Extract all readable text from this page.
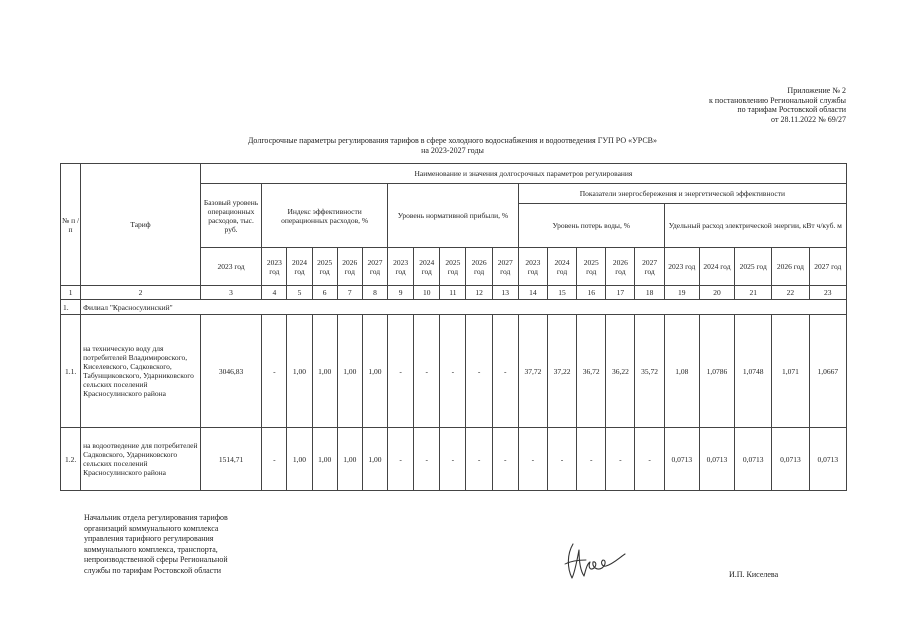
Приложение № 2
к постановлению Региональной службы
по тарифам Ростовской области
от 28.11.2022 № 69/27
Долгосрочные параметры регулирования тарифов в сфере холодного водоснабжения и водоотведения ГУП РО «УРСВ»
на 2023-2027 годы
№ п /п	Тариф	Наименование и значения долгосрочных параметров регулирования																				
		Базовый уровень операционных расходов, тыс. руб.	Индекс эффективности операционных расходов, %					Уровень нормативной прибыли, %					Показатели энергосбережения и энергетической эффективности									
													Уровень потерь воды, %					Удельный расход электрической энергии, кВт ч/куб. м				
		2023 год	2023 год	2024 год	2025 год	2026 год	2027 год	2023 год	2024 год	2025 год	2026 год	2027 год	2023 год	2024 год	2025 год	2026 год	2027 год	2023 год	2024 год	2025 год	2026 год	2027 год
1	2	3	4	5	6	7	8	9	10	11	12	13	14	15	16	17	18	19	20	21	22	23
1.	Филиал "Красносулинский"																					
1.1.	на техническую воду для потребителей Владимировского, Киселевского, Садковского, Табунщиковского, Ударниковского сельских поселений Красносулинского района	3046,83	-	1,00	1,00	1,00	1,00	-	-	-	-	-	37,72	37,22	36,72	36,22	35,72	1,08	1,0786	1,0748	1,071	1,0667
1.2.	на водоотведение для потребителей Садковского, Ударниковского сельских поселений Красносулинского района	1514,71	-	1,00	1,00	1,00	1,00	-	-	-	-	-	-	-	-	-	-	0,0713	0,0713	0,0713	0,0713	0,0713
Начальник отдела регулирования тарифов
организаций коммунального комплекса
управления тарифного регулирования
коммунального комплекса, транспорта,
непроизводственной сферы Региональной
службы по тарифам Ростовской области	И.П. Киселева
